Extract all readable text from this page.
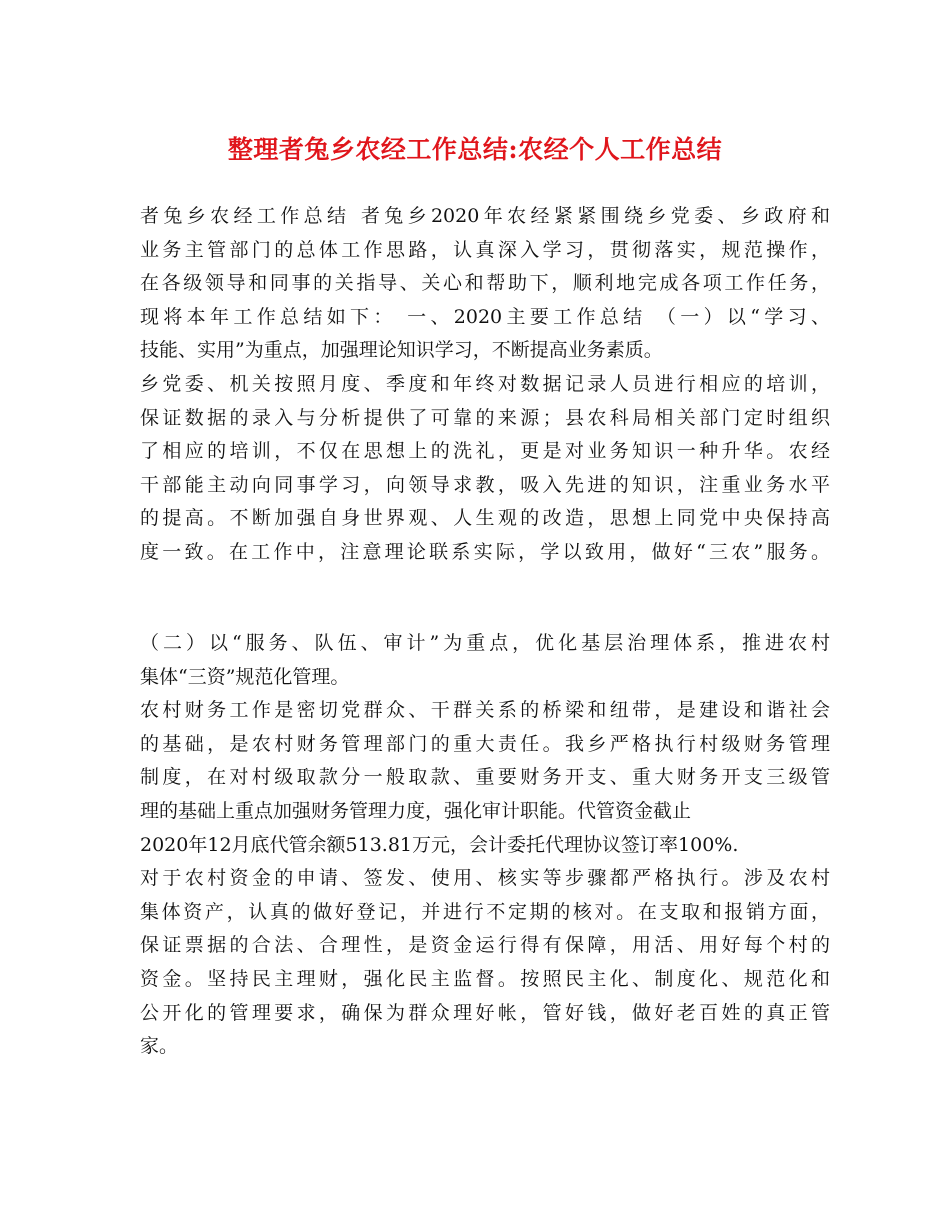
整理者兔乡农经工作总结:农经个人工作总结
者兔乡农经工作总结 者兔乡2020年农经紧紧围绕乡党委、乡政府和
业务主管部门的总体工作思路，认真深入学习，贯彻落实，规范操作，
在各级领导和同事的关指导、关心和帮助下，顺利地完成各项工作任务，
现将本年工作总结如下： 一、2020主要工作总结 （一）以“学习、
技能、实用”为重点，加强理论知识学习，不断提高业务素质。
乡党委、机关按照月度、季度和年终对数据记录人员进行相应的培训，
保证数据的录入与分析提供了可靠的来源；县农科局相关部门定时组织
了相应的培训，不仅在思想上的洗礼，更是对业务知识一种升华。农经
干部能主动向同事学习，向领导求教，吸入先进的知识，注重业务水平
的提高。不断加强自身世界观、人生观的改造，思想上同党中央保持高
度一致。在工作中，注意理论联系实际，学以致用，做好“三农”服务。
（二）以“服务、队伍、审计”为重点，优化基层治理体系，推进农村
集体“三资”规范化管理。
农村财务工作是密切党群众、干群关系的桥梁和纽带，是建设和谐社会
的基础，是农村财务管理部门的重大责任。我乡严格执行村级财务管理
制度，在对村级取款分一般取款、重要财务开支、重大财务开支三级管
理的基础上重点加强财务管理力度，强化审计职能。代管资金截止
2020年12月底代管余额513.81万元，会计委托代理协议签订率100%.
对于农村资金的申请、签发、使用、核实等步骤都严格执行。涉及农村
集体资产，认真的做好登记，并进行不定期的核对。在支取和报销方面，
保证票据的合法、合理性，是资金运行得有保障，用活、用好每个村的
资金。坚持民主理财，强化民主监督。按照民主化、制度化、规范化和
公开化的管理要求，确保为群众理好帐，管好钱，做好老百姓的真正管
家。
